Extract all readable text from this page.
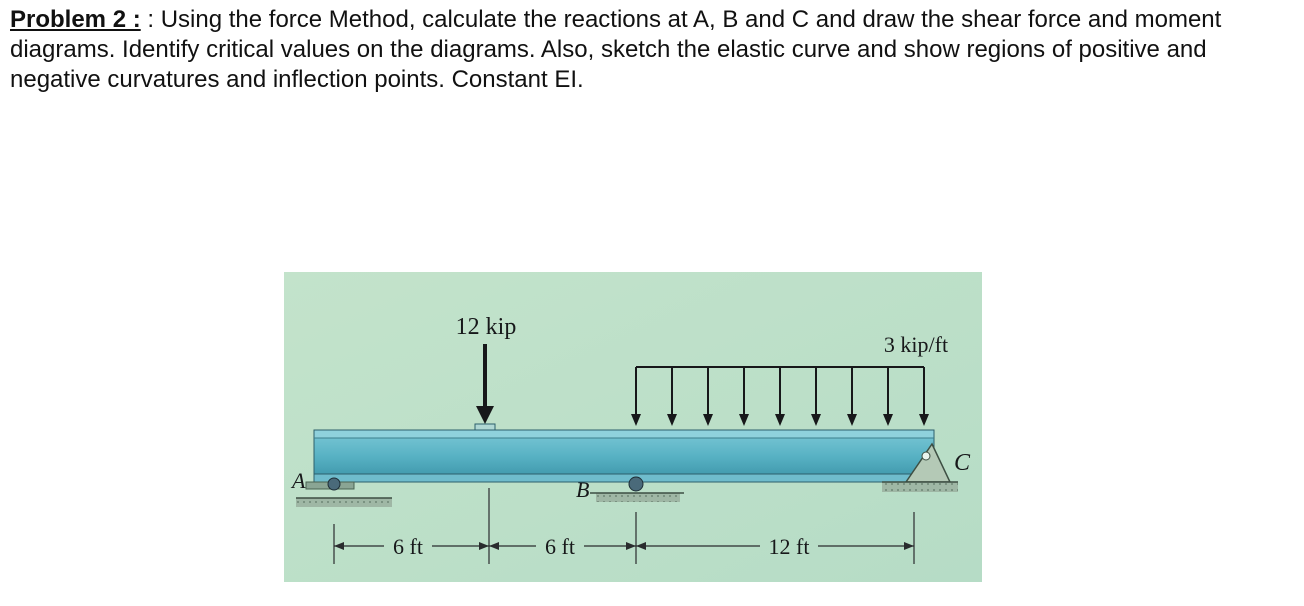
Problem 2 : : Using the force Method, calculate the reactions at A, B and C and draw the shear force and moment diagrams. Identify critical values on the diagrams. Also, sketch the elastic curve and show regions of positive and negative curvatures and inflection points. Constant EI.

12 kip
3 kip/ft
A	B
C
6 ft	6 ft	12 ft
